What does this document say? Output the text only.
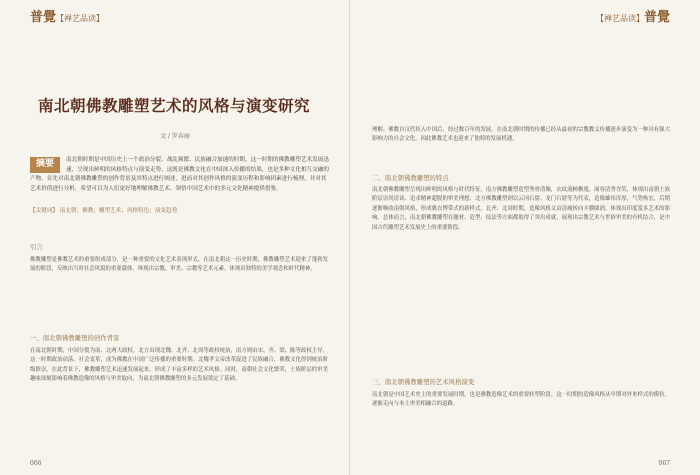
普覺【禅艺品读】
南北朝佛教雕塑艺术的风格与演变研究
文 / 罗春丽
摘要	南北朝时期是中国历史上一个政治分裂、战乱频繁、民族融合加速的时期。这一时期的佛教雕塑艺术发展迅速，呈现出鲜明的风格特点与演变走势。这既是佛教文化在中国深入传播的结果，也是多种文化相互交融的产物。首先对南北朝佛教雕塑的创作背景及其特点进行阐述，进而对其创作风格的演变历程和影响因素进行梳理，并对其艺术价值进行分析，希望可以为人们更好地理解佛教艺术、领悟中国艺术中的多元文化精神提供借鉴。
【关键词】 南北朝；佛教；雕塑艺术；风格特色；演变趋势
引言
佛教雕塑是佛教艺术的重要组成部分，是一种重要的文化艺术表现形式。在南北朝这一历史时期，佛教雕塑艺术迎来了蓬勃发展的阶段，反映出当时社会风貌的重要载体，体现出宗教、审美、宗教等艺术元素，体现出独特的美学观念和时代精神。
一、南北朝佛教雕塑的创作背景
在南北朝时期，中国分裂为南、北两大政权。北方出现北魏、北齐、北周等政权统治，南方则由宋、齐、梁、陈等政权主导。这一时期政治动荡、社会变革，成为佛教在中国广泛传播的重要时期。北魏孝文帝改革促进了民族融合，佛教文化得到统治阶级推崇，在此背景下，佛教雕塑艺术迅速发展起来，形成了丰富多样的艺术风格。同时，南朝社会文化繁荣，士族阶层的审美趣味深刻影响着佛教造像的风格与审美取向，为南北朝佛教雕塑的多元发展奠定了基础。
066
【禅艺品读】普覺
理解。佛教自汉代传入中国后，经过数百年的发展，在南北朝时期的传播已经从最初的宗教教义传播逐步演变为一种具有强大影响力的社会文化，因此佛教艺术也迎来了独特的发展机遇。
二、南北朝佛教雕塑的特点
南北朝佛教雕塑呈现出鲜明的风格与时代特征。南方佛教雕塑造型秀骨清像，衣纹流畅飘逸，面容清秀含笑，体现出南朝士族阶层崇尚清谈、追求精神超脱的审美理想；北方佛教雕塑则以云冈石窟、龙门石窟等为代表，造像雄伟浑厚，气势恢宏，后期逐渐吸收南朝风格，形成褒衣博带式的新样式。北齐、北周时期，造像风格又由清瘦转向丰腴圆润，体现出印度笈多艺术的影响。总体而言，南北朝佛教雕塑在题材、造型、技法等方面都取得了突出成就，展现出宗教艺术与世俗审美的有机结合，是中国古代雕塑艺术发展史上的重要阶段。
三、南北朝佛教雕塑的艺术风格演变
南北朝是中国艺术史上的重要发展时期，也是佛教造像艺术的重要转型阶段。这一时期的造像风格从早期对外来样式的模仿，逐渐走向与本土审美相融合的道路。
067
